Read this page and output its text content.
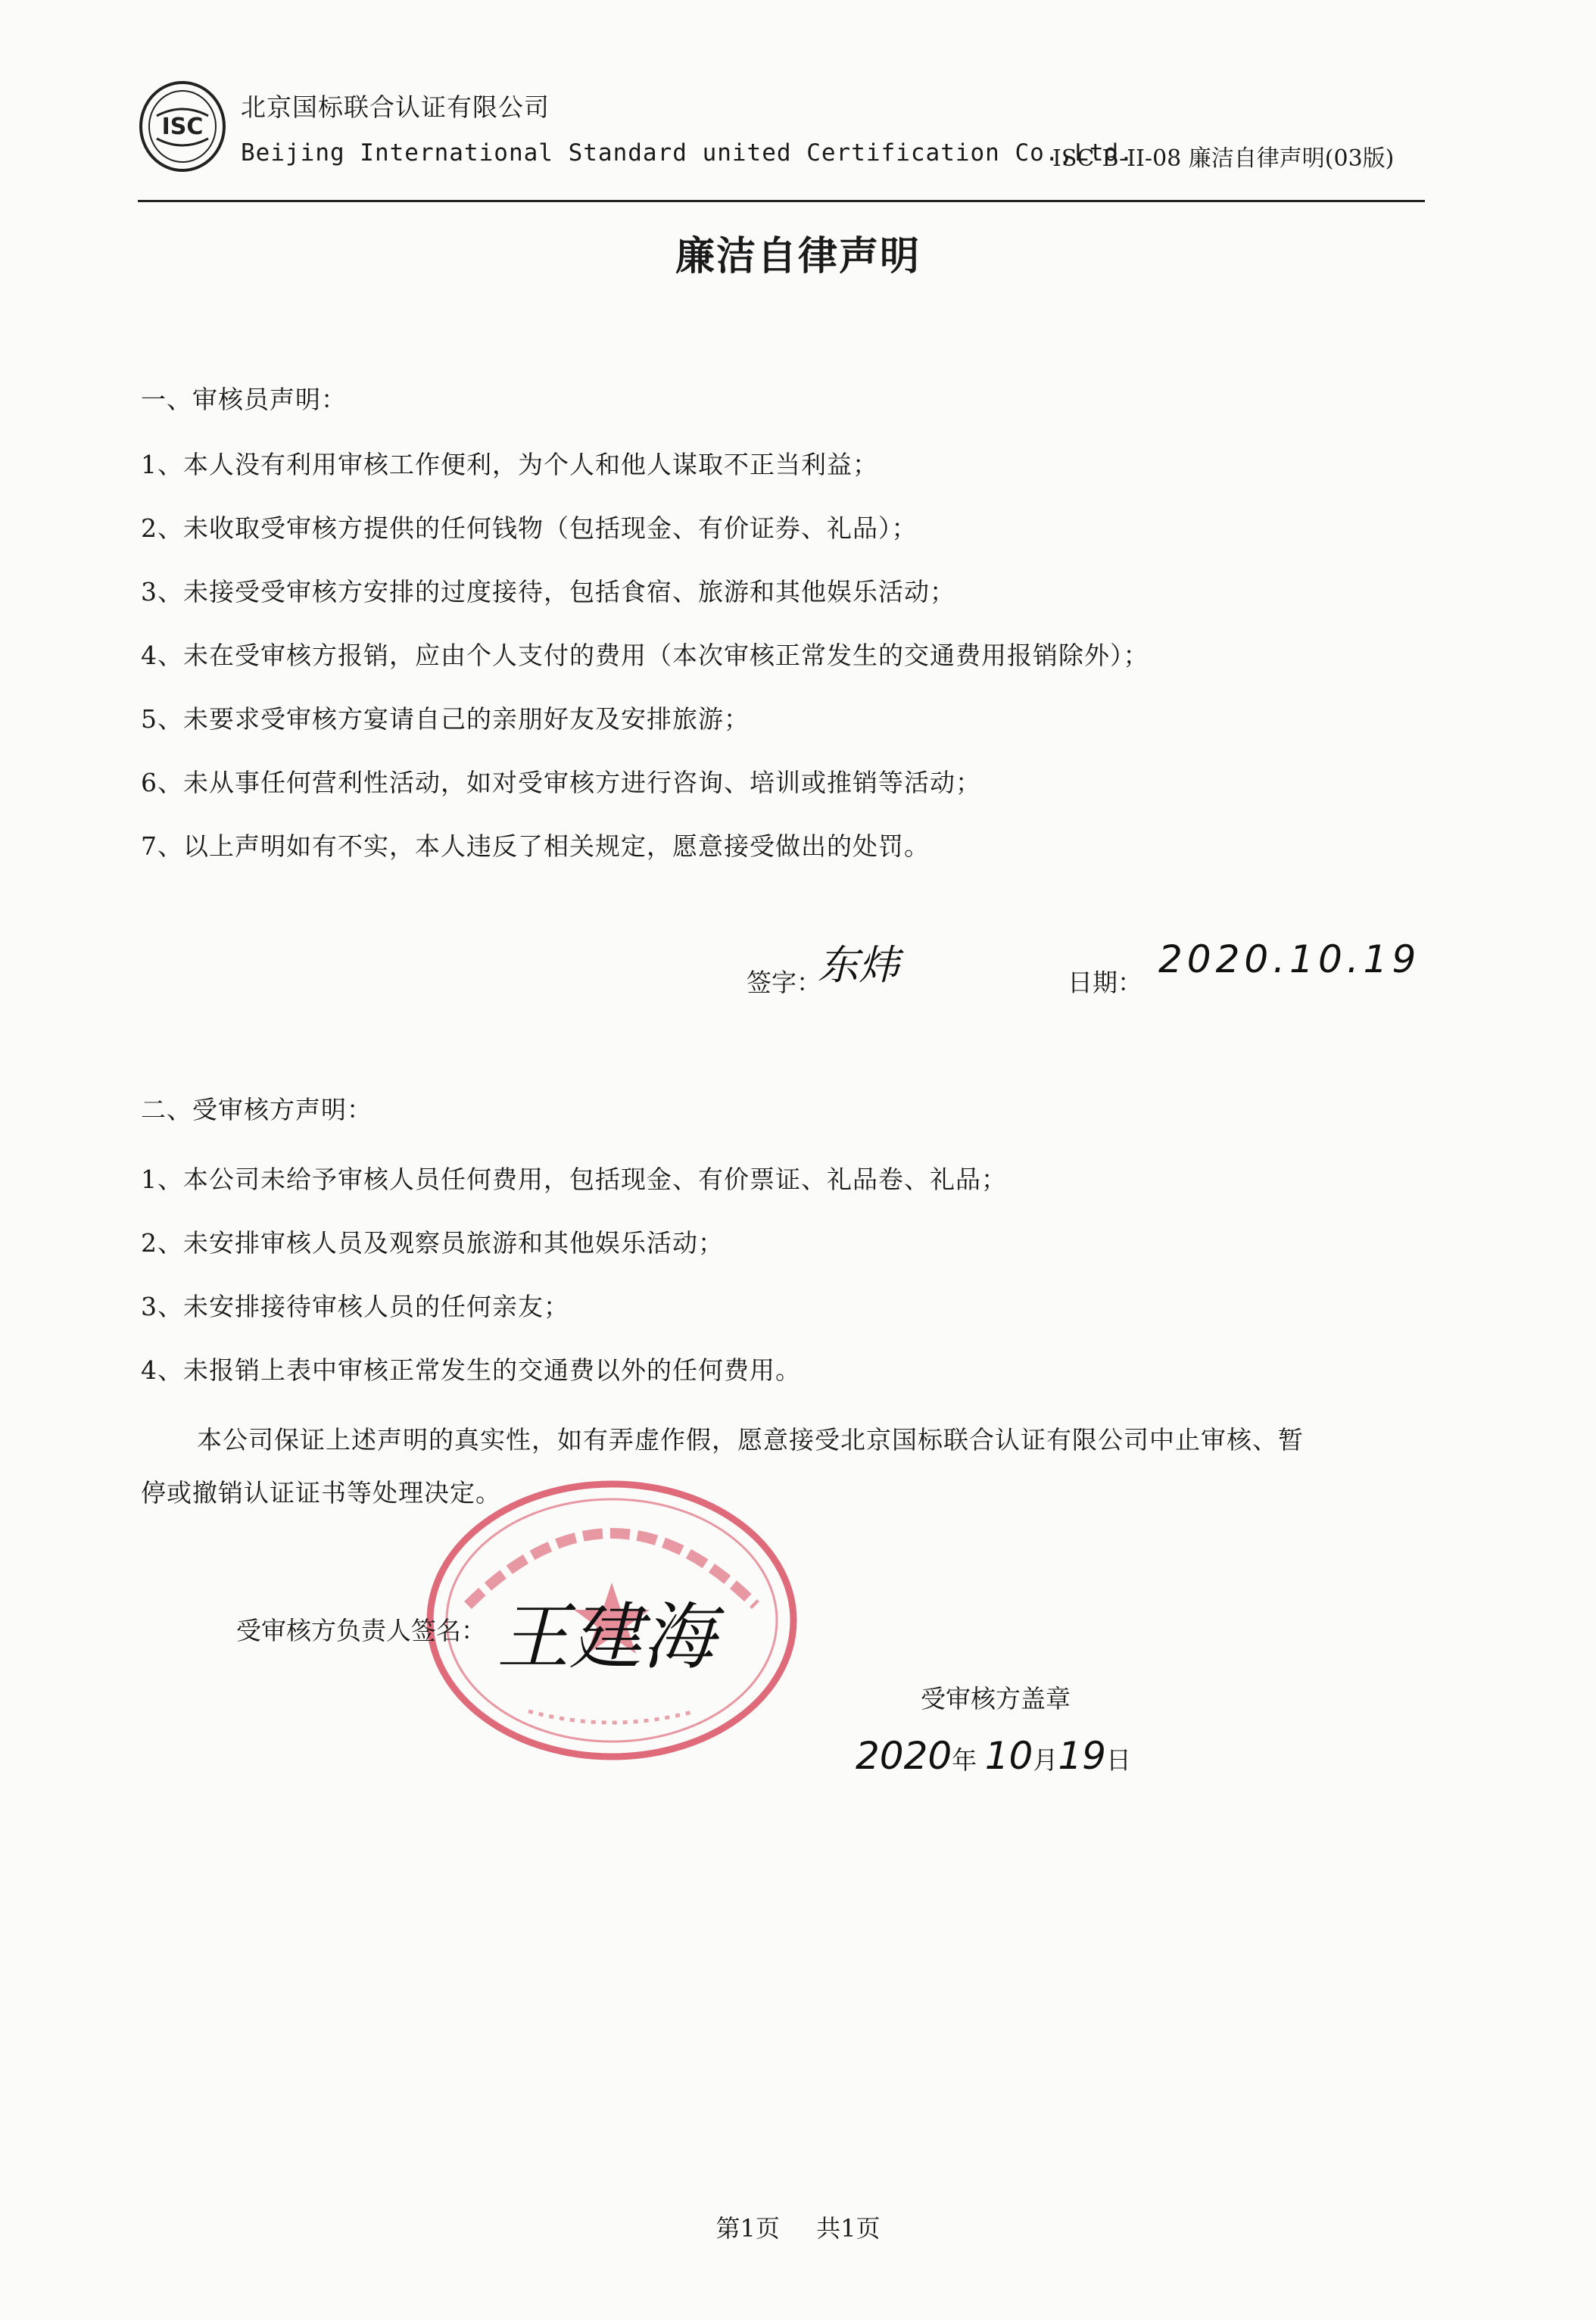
ISC
北京国标联合认证有限公司
Beijing International Standard united Certification Co.,Ltd.
ISC-B-II-08 廉洁自律声明(03版)
廉洁自律声明
一、审核员声明：
1、本人没有利用审核工作便利，为个人和他人谋取不正当利益；
2、未收取受审核方提供的任何钱物（包括现金、有价证券、礼品）；
3、未接受受审核方安排的过度接待，包括食宿、旅游和其他娱乐活动；
4、未在受审核方报销，应由个人支付的费用（本次审核正常发生的交通费用报销除外）；
5、未要求受审核方宴请自己的亲朋好友及安排旅游；
6、未从事任何营利性活动，如对受审核方进行咨询、培训或推销等活动；
7、以上声明如有不实，本人违反了相关规定，愿意接受做出的处罚。
签字：
东炜	日期：
2020.10.19
二、受审核方声明：
1、本公司未给予审核人员任何费用，包括现金、有价票证、礼品卷、礼品；
2、未安排审核人员及观察员旅游和其他娱乐活动；
3、未安排接待审核人员的任何亲友；
4、未报销上表中审核正常发生的交通费以外的任何费用。
本公司保证上述声明的真实性，如有弄虚作假，愿意接受北京国标联合认证有限公司中止审核、暂
停或撤销认证证书等处理决定。
受审核方负责人签名： 王建海
受审核方盖章
2020年 10月19日
第1页 共1页
